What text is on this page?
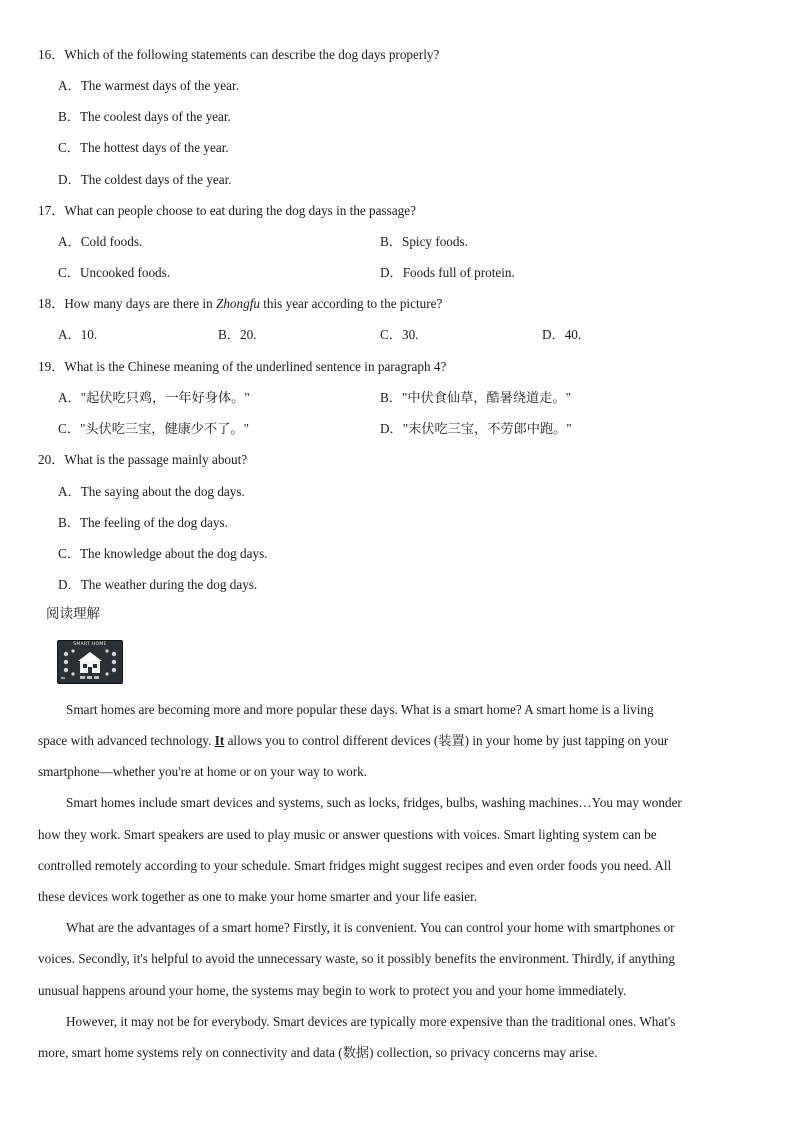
16．Which of the following statements can describe the dog days properly?
A．The warmest days of the year.
B．The coolest days of the year.
C．The hottest days of the year.
D．The coldest days of the year.
17．What can people choose to eat during the dog days in the passage?
A．Cold foods.	B．Spicy foods.
C．Uncooked foods.	D．Foods full of protein.
18．How many days are there in Zhongfu this year according to the picture?
A．10.	B．20.	C．30.	D．40.
19．What is the Chinese meaning of the underlined sentence in paragraph 4?
A．"起伏吃只鸡，一年好身体。"	B．"中伏食仙草，酷暑绕道走。"
C．"头伏吃三宝，健康少不了。"	D．"末伏吃三宝，不劳郎中跑。"
20．What is the passage mainly about?
A．The saying about the dog days.
B．The feeling of the dog days.
C．The knowledge about the dog days.
D．The weather during the dog days.
阅读理解
SMART HOME
Smart homes are becoming more and more popular these days. What is a smart home? A smart home is a living
space with advanced technology. It allows you to control different devices (装置) in your home by just tapping on your
smartphone—whether you're at home or on your way to work.
Smart homes include smart devices and systems, such as locks, fridges, bulbs, washing machines…You may wonder
how they work. Smart speakers are used to play music or answer questions with voices. Smart lighting system can be
controlled remotely according to your schedule. Smart fridges might suggest recipes and even order foods you need. All
these devices work together as one to make your home smarter and your life easier.
What are the advantages of a smart home? Firstly, it is convenient. You can control your home with smartphones or
voices. Secondly, it's helpful to avoid the unnecessary waste, so it possibly benefits the environment. Thirdly, if anything
unusual happens around your home, the systems may begin to work to protect you and your home immediately.
However, it may not be for everybody. Smart devices are typically more expensive than the traditional ones. What's
more, smart home systems rely on connectivity and data (数据) collection, so privacy concerns may arise.
